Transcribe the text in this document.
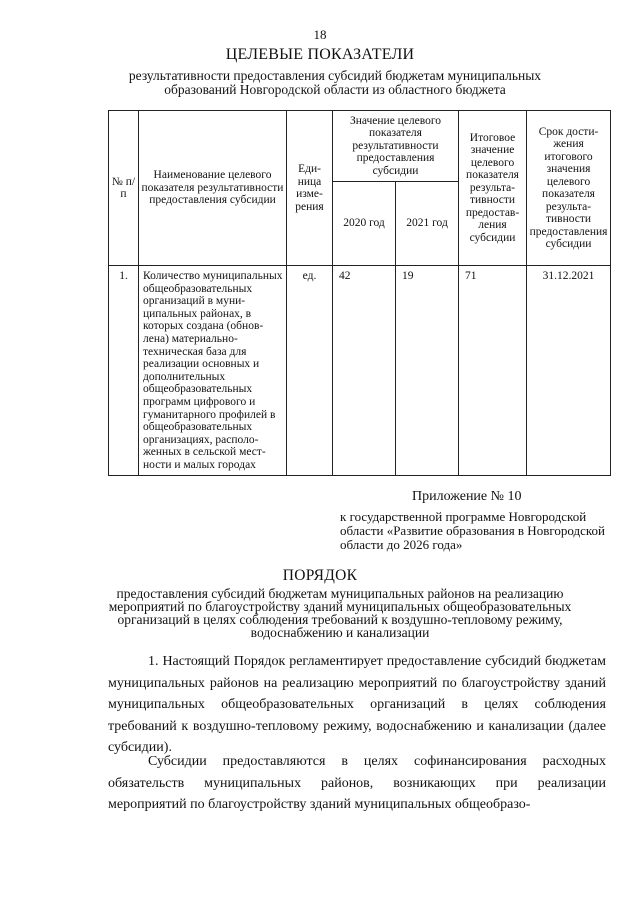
18
ЦЕЛЕВЫЕ ПОКАЗАТЕЛИ
результативности предоставления субсидий бюджетам муниципальных образований Новгородской области из областного бюджета
№ п/п	Наименование целевого показателя результативности предоставления субсидии	Единица измерения	Значение целевого показателя результативности предоставления субсидии		Итоговое значение целевого показателя результативности предоставления субсидии	Срок достижения итогового значения целевого показателя результативности предоставления субсидии
			2020 год	2021 год		
1.	Количество муниципальных общеобразовательных организаций в муниципальных районах, в которых создана (обновлена) материально-техническая база для реализации основных и дополнительных общеобразовательных программ цифрового и гуманитарного профилей в общеобразовательных организациях, расположенных в сельской местности и малых городах	ед.	42	19	71	31.12.2021
Приложение № 10
к государственной программе Новгородской области «Развитие образования в Новгородской области до 2026 года»
ПОРЯДОК
предоставления субсидий бюджетам муниципальных районов на реализацию мероприятий по благоустройству зданий муниципальных общеобразовательных организаций в целях соблюдения требований к воздушно-тепловому режиму, водоснабжению и канализации

1. Настоящий Порядок регламентирует предоставление субсидий бюджетам муниципальных районов на реализацию мероприятий по благоустройству зданий муниципальных общеобразовательных организаций в целях соблюдения требований к воздушно-тепловому режиму, водоснабжению и канализации (далее субсидии).

Субсидии предоставляются в целях софинансирования расходных обязательств муниципальных районов, возникающих при реализации мероприятий по благоустройству зданий муниципальных общеобразо-
